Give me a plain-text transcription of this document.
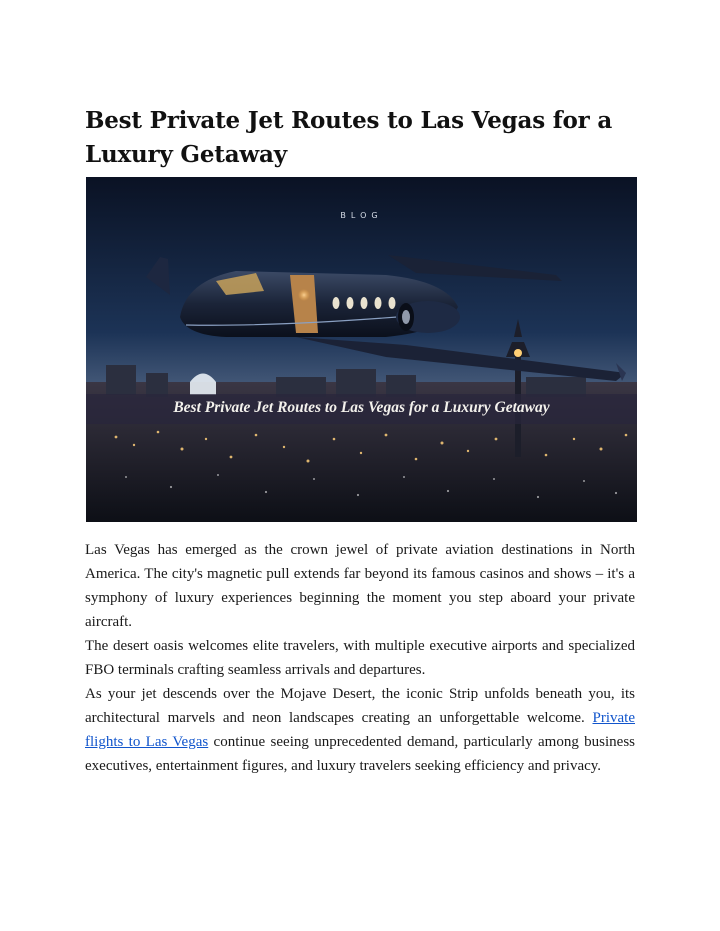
Best Private Jet Routes to Las Vegas for a Luxury Getaway
BLOG
Best Private Jet Routes to Las Vegas for a Luxury Getaway

Las Vegas has emerged as the crown jewel of private aviation destinations in North America. The city's magnetic pull extends far beyond its famous casinos and shows – it's a symphony of luxury experiences beginning the moment you step aboard your private aircraft.

The desert oasis welcomes elite travelers, with multiple executive airports and specialized FBO terminals crafting seamless arrivals and departures.

As your jet descends over the Mojave Desert, the iconic Strip unfolds beneath you, its architectural marvels and neon landscapes creating an unforgettable welcome. Private flights to Las Vegas continue seeing unprecedented demand, particularly among business executives, entertainment figures, and luxury travelers seeking efficiency and privacy.
